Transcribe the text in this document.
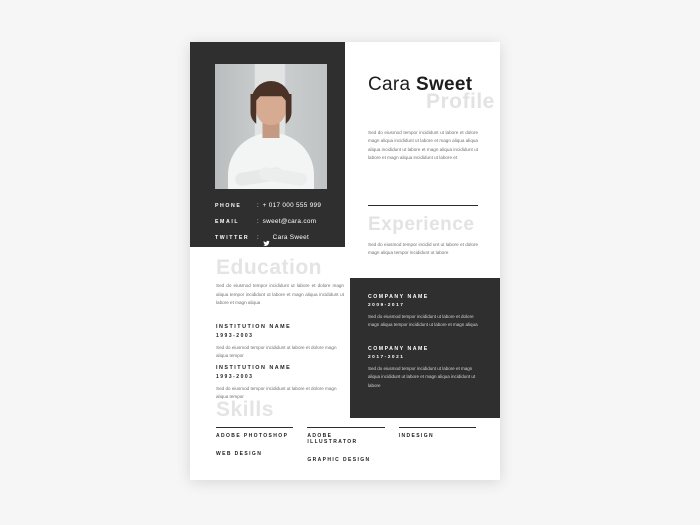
PHONE	: + 017 000 555 999
EMAIL	: sweet@cara.com
TWITTER	: Cara Sweet
Cara Sweet
Profile
Experience
Education
Skills
Sed do eiusmod tempor incididunt ut labore et dolore magn aliqua incididunt ut labore et magn aliqua aliqua aliqua incididunt ut labore et magn aliqua incididunt ut labore et magn aliqua incididunt ut labore et
Sed do eiusmod tempor incidid unt ut labore et dolore magn aliqua tempor incididunt ut labore
Sed do eiusmod tempor incididunt ut labore et dolore magn aliqua tempor incididunt ut labore et magn aliqua incididunt ut labore et magn aliqua
INSTITUTION NAME
1993-2003
Sed do eiusmod tempor incididunt ut labore et dolore magn aliqua tempor
INSTITUTION NAME
1993-2003
Sed do eiusmod tempor incididunt ut labore et dolore magn aliqua tempor
COMPANY NAME
2009-2017
Sed do eiusmod tempor incididunt ut labore et dolore magn aliqua tempor incididunt ut labore et magn aliqua
COMPANY NAME
2017-2021
Sed do eiusmod tempor incididunt ut labore et magn aliqua incididunt ut labore et magn aliqua incididunt ut labore
ADOBE PHOTOSHOP
WEB DESIGN
ADOBE ILLUSTRATOR
GRAPHIC DESIGN
INDESIGN
